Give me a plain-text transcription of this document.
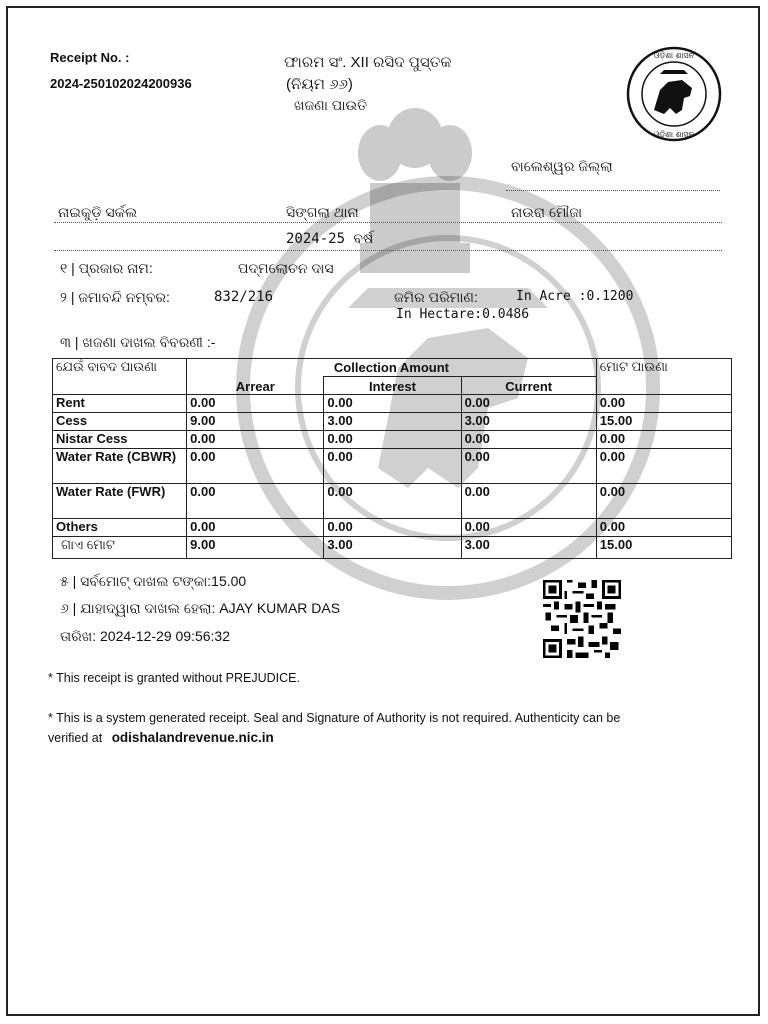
Receipt No. :
2024-250102024200936
ଫାରମ ସଂ. XII ରସିଦ ପୁସ୍ତକ
(ନିୟମ ୬୬)
ଖଜଣା ପାଉତି
ଓଡ଼ିଶା ଶାସନ
ଓଡ଼ିଶା ଶାସନ
ବାଲେଶ୍ୱର ଜିଲ୍ଲା
ନାଇକୁଡ଼ି ସର୍କଲ	ସିଙ୍ଗଲା ଥାନା	ନାଉରା ମୌଜା
2024-25 ବର୍ଷ
୧ | ପ୍ରଜାର ନାମ:	ପଦ୍ମଲୋଚନ ଦାସ
୨ | ଜମାବନ୍ଦି ନମ୍ବର:	832/216	ଜମିର ପରିମାଣ:	In Acre :0.1200
In Hectare:0.0486
୩ | ଖଜଣା ଦାଖଲ ବିବରଣୀ :-
ଯେଉଁ ବାବଦ ପାଉଣା	Collection Amount			ମୋଟ ପାଉଣା
	Arrear	Interest	Current	
Rent	0.00	0.00	0.00	0.00
Cess	9.00	3.00	3.00	15.00
Nistar Cess	0.00	0.00	0.00	0.00
Water Rate (CBWR)	0.00	0.00	0.00	0.00
Water Rate (FWR)	0.00	0.00	0.00	0.00
Others	0.00	0.00	0.00	0.00
ଗାଏ ମୋଟ	9.00	3.00	3.00	15.00
୫ | ସର୍ବମୋଟ୍ ଦାଖଲ ଟଙ୍କା:15.00
୬ | ଯାହାଦ୍ୱାରା ଦାଖଲ ହେଲା: AJAY KUMAR DAS
ତାରିଖ: 2024-12-29 09:56:32
* This receipt is granted without PREJUDICE.
* This is a system generated receipt. Seal and Signature of Authority is not required. Authenticity can be
verified at odishalandrevenue.nic.in
